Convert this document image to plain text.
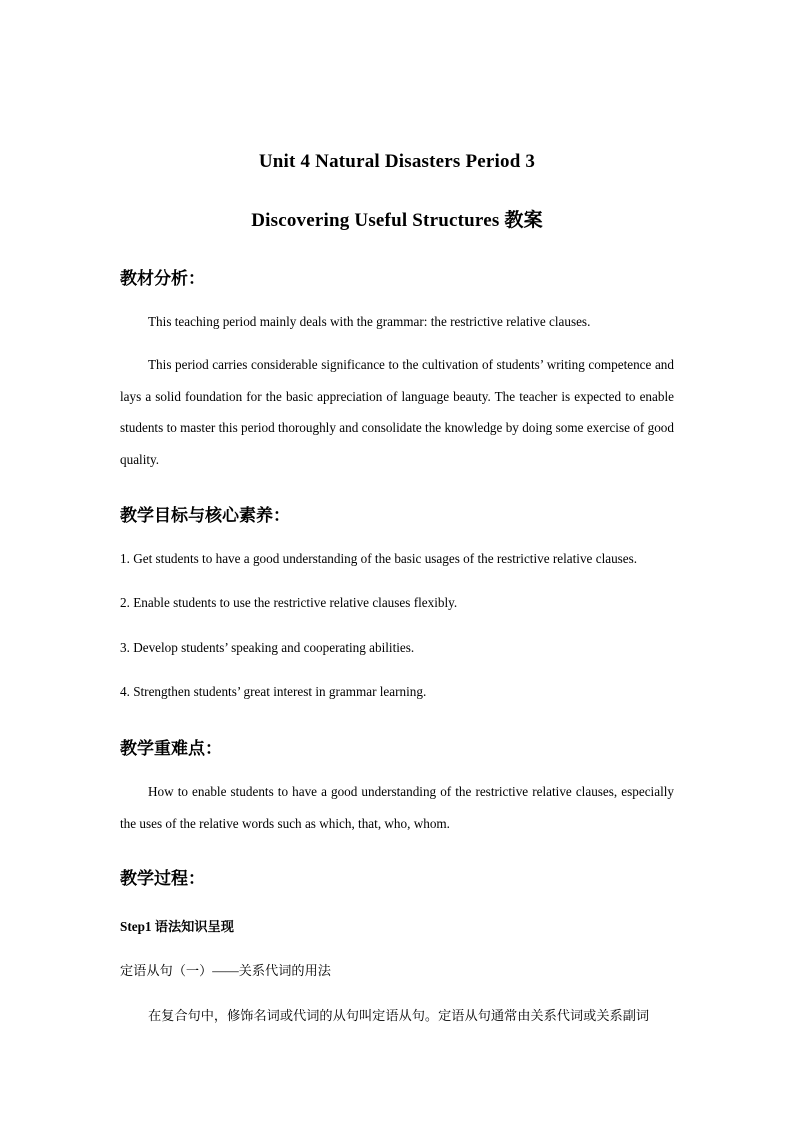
Unit 4 Natural Disasters Period 3
Discovering Useful Structures 教案
教材分析：
This teaching period mainly deals with the grammar: the restrictive relative clauses.
This period carries considerable significance to the cultivation of students’ writing competence and lays a solid foundation for the basic appreciation of language beauty. The teacher is expected to enable students to master this period thoroughly and consolidate the knowledge by doing some exercise of good quality.
教学目标与核心素养：
1. Get students to have a good understanding of the basic usages of the restrictive relative clauses.
2. Enable students to use the restrictive relative clauses flexibly.
3. Develop students’ speaking and cooperating abilities.
4. Strengthen students’ great interest in grammar learning.
教学重难点：
How to enable students to have a good understanding of the restrictive relative clauses, especially the uses of the relative words such as which, that, who, whom.
教学过程：
Step1 语法知识呈现
定语从句（一）——关系代词的用法
在复合句中，修饰名词或代词的从句叫定语从句。定语从句通常由关系代词或关系副词
